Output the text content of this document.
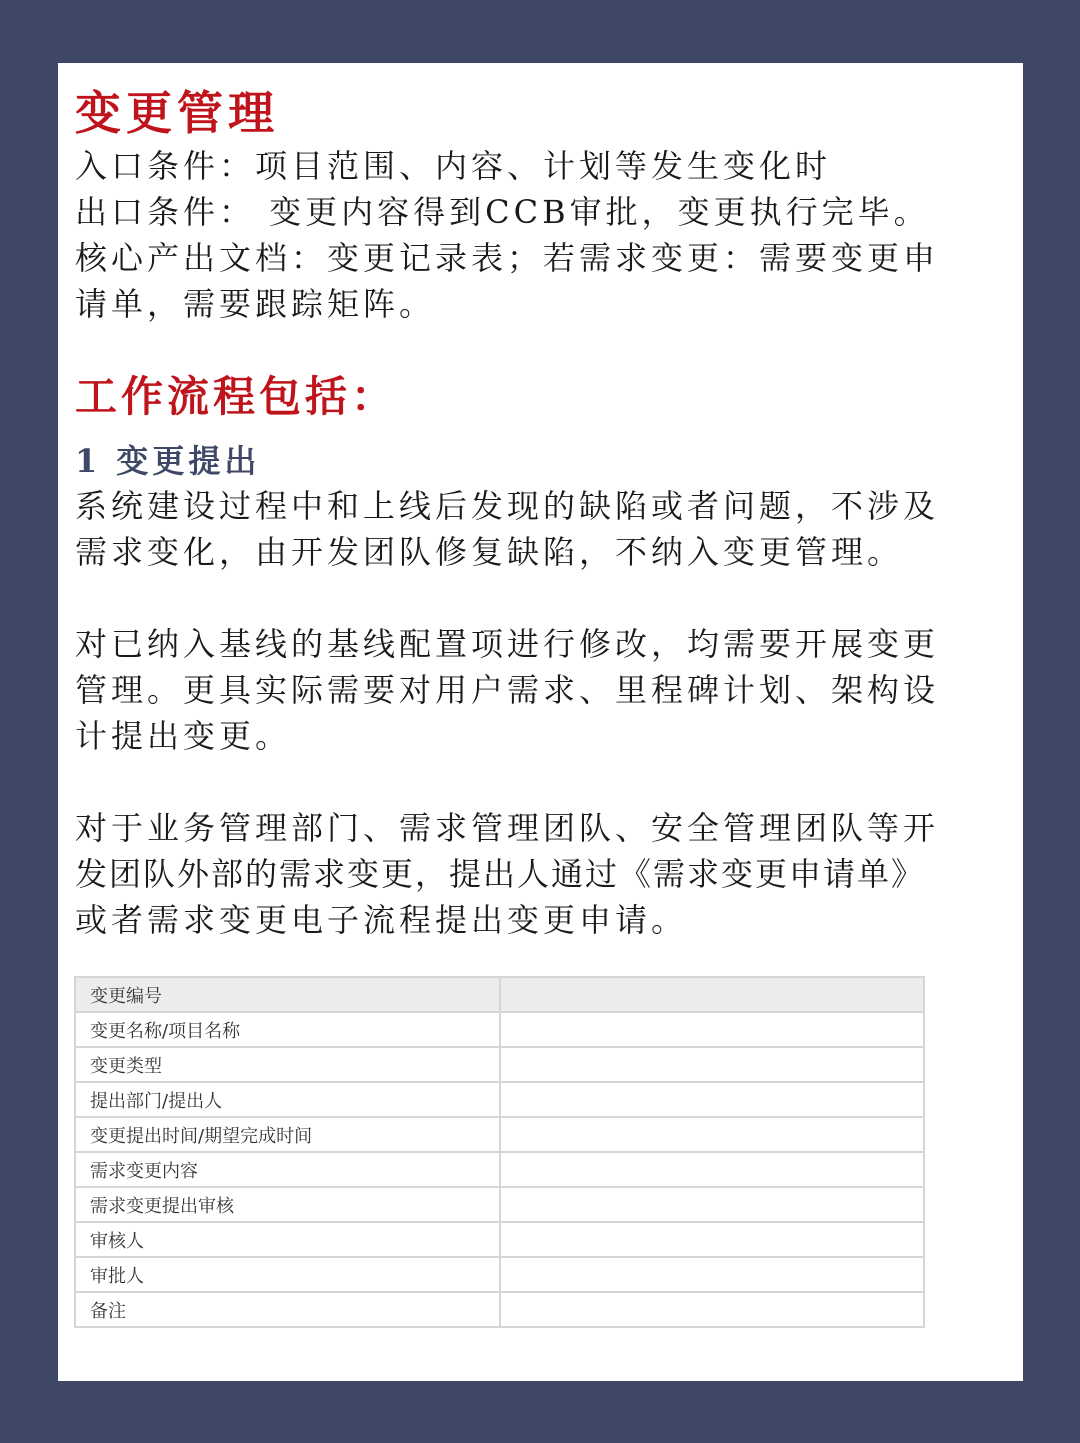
变更管理

入口条件：项目范围、内容、计划等发生变化时

出口条件： 变更内容得到CCB审批，变更执行完毕。

核心产出文档：变更记录表；若需求变更：需要变更申

请单，需要跟踪矩阵。

工作流程包括：
1 变更提出

系统建设过程中和上线后发现的缺陷或者问题，不涉及

需求变化，由开发团队修复缺陷，不纳入变更管理。

对已纳入基线的基线配置项进行修改，均需要开展变更

管理。更具实际需要对用户需求、里程碑计划、架构设

计提出变更。

对于业务管理部门、需求管理团队、安全管理团队等开

发团队外部的需求变更，提出人通过《需求变更申请单》

或者需求变更电子流程提出变更申请。

变更编号	
变更名称/项目名称	
变更类型	
提出部门/提出人	
变更提出时间/期望完成时间	
需求变更内容	
需求变更提出审核	
审核人	
审批人	
备注	
